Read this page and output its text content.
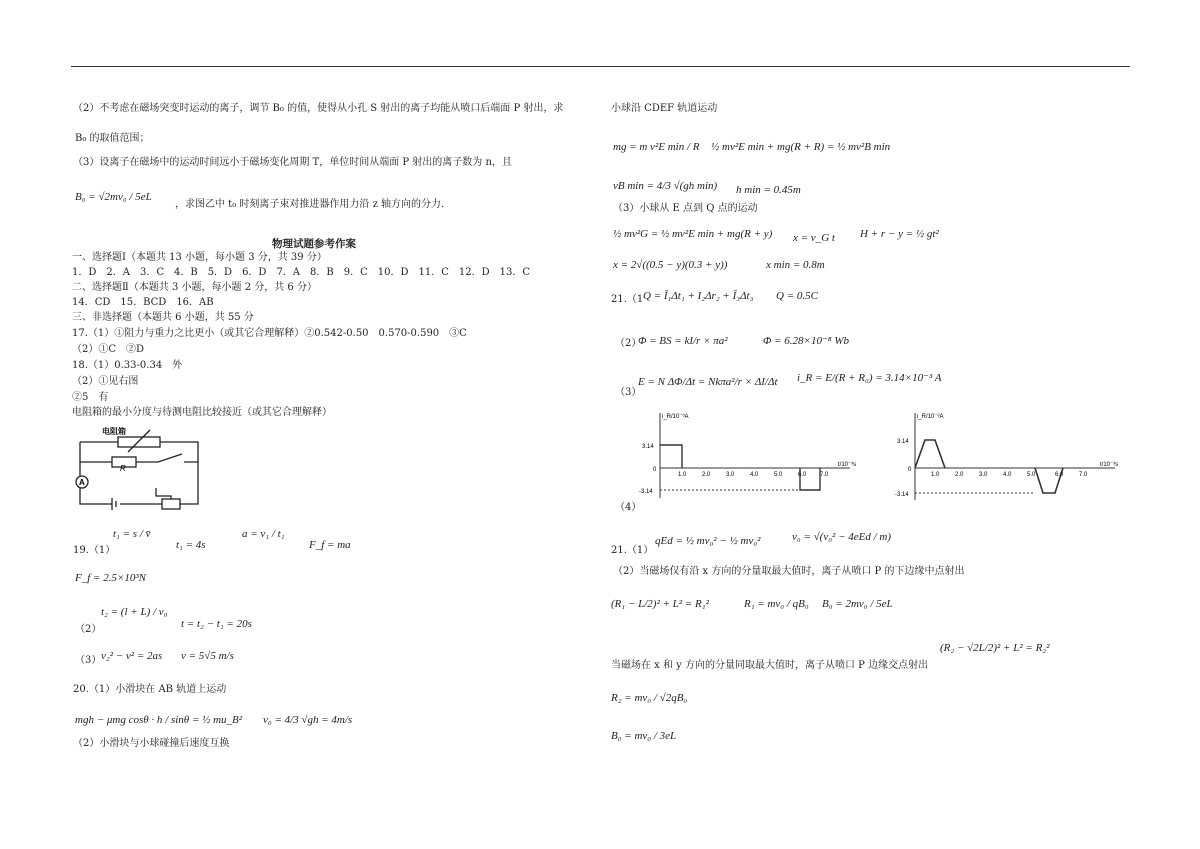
（2）不考虑在磁场突变时运动的离子，调节 B₀ 的值，使得从小孔 S 射出的离子均能从喷口后端面 P 射出，求
B₀ 的取值范围；
（3）设离子在磁场中的运动时间远小于磁场变化周期 T，单位时间从端面 P 射出的离子数为 n，且
B₀ = √2mv₀ / 5eL
，求图乙中 t₀ 时刻离子束对推进器作用力沿 z 轴方向的分力．
物理试题参考作案
一、选择题Ⅰ（本题共 13 小题，每小题 3 分，共 39 分）
1．D　2．A　3．C　4．B　5．D　6．D　7．A　8．B　9．C　10．D　11．C　12．D　13．C
二、选择题Ⅱ（本题共 3 小题，每小题 2 分，共 6 分）
14．CD　15．BCD　16．AB
三、非选择题（本题共 6 小题，共 55 分
17.（1）①阻力与重力之比更小（或其它合理解释）②0.542-0.50　0.570-0.590　③C
（2）①C　②D
18.（1）0.33-0.34　外
（2）①见右图
②5　有
电阻箱的最小分度与待测电阻比较接近（或其它合理解释）
电阻箱
R
A
t₁ = s / v̄
19.（1）	t₁ = 4s
a = v₁ / t₁
F_f = ma
F_f = 2.5×10³N
t₂ = (l + L) / v₀
（2）	t = t₂ − t₁ = 20s
（3） v₂² − v² = 2as v = 5√5 m/s
20.（1）小滑块在 AB 轨道上运动
mgh − μmg cosθ · h / sinθ = ½ mu_B² v₀ = 4/3 √gh = 4m/s
（2）小滑块与小球碰撞后速度互换
小球沿 CDEF 轨道运动
mg = m v²E min / R ½ mv²E min + mg(R + R) = ½ mv²B min
vB min = 4/3 √(gh min) h min = 0.45m
（3）小球从 E 点到 Q 点的运动
½ mv²G = ½ mv²E min + mg(R + y) x = v_G t H + r − y = ½ gt²
x = 2√((0.5 − y)(0.3 + y))	x min = 0.8m
21.（1 Q = Ī₁Δt₁ + I₂Δr₂ + Ī₃Δt₃ Q = 0.5C
（2）
Φ = BS = kI/r × πa²	Φ = 6.28×10⁻⁸ Wb
（3）
E = N ΔΦ/Δt = Nkπa²/r × ΔI/Δt i_R = E/(R + R₀) = 3.14×10⁻³ A
i_R/10⁻³A
t/10⁻³s
3.14
-3.14
0
1.0	2.0	3.0	4.0	5.0	6.0 7.0
（4）
i_R/10⁻³A
t/10⁻³s
3.14
-3.14
0
1.0	2.0	3.0	4.0	5.0	6.0	7.0
21.（1）
qEd = ½ mv₀² − ½ mv₀²	v₀ = √(v₀² − 4eEd / m)
（2）当磁场仅有沿 x 方向的分量取最大值时，离子从喷口 P 的下边缘中点射出
(R₁ − L/2)² + L² = R₁²	R₁ = mv₀ / qB₀ B₀ = 2mv₀ / 5eL
(R₂ − √2L/2)² + L² = R₂²
当磁场在 x 和 y 方向的分量同取最大值时，离子从喷口 P 边缘交点射出
R₂ = mv₀ / √2qB₀
B₀ = mv₀ / 3eL
